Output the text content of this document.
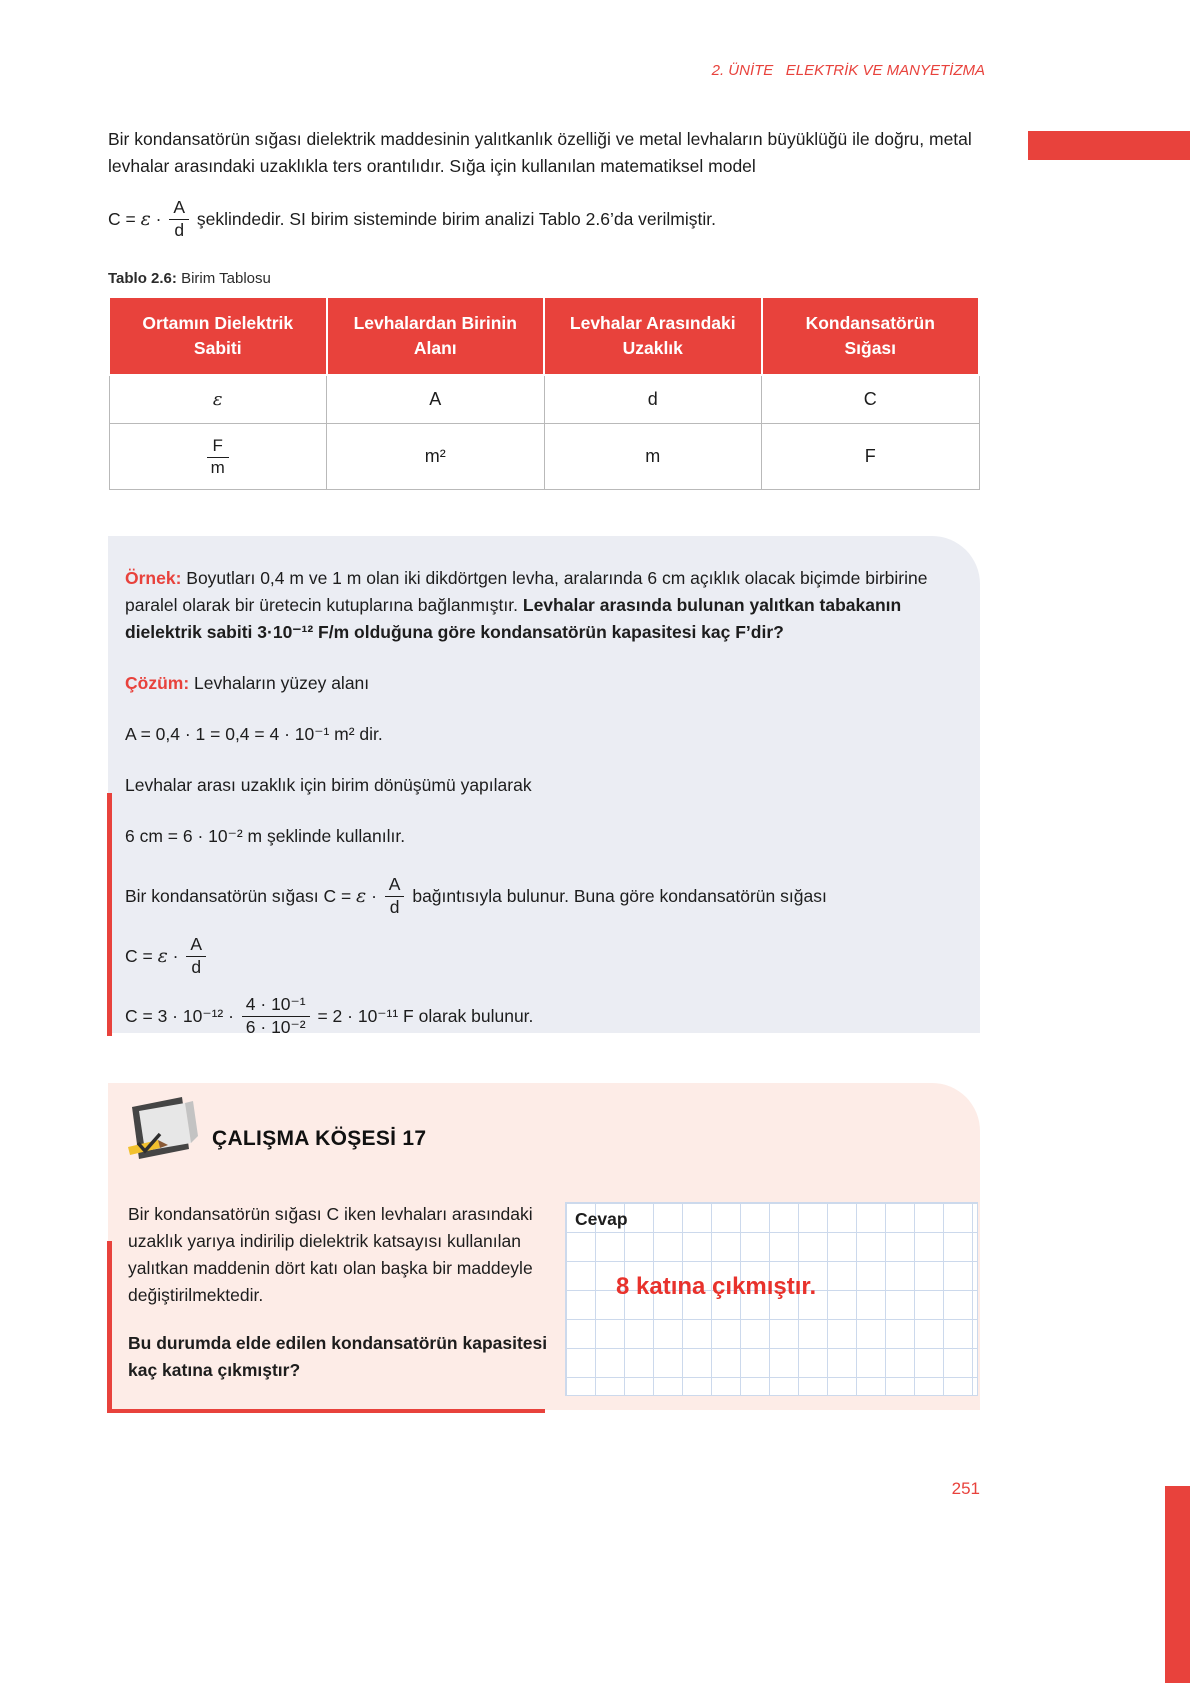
2. ÜNİTE   ELEKTRİK VE MANYETİZMA

Bir kondansatörün sığası dielektrik maddesinin yalıtkanlık özelliği ve metal levhaların büyüklüğü ile doğru, metal levhalar arasındaki uzaklıkla ters orantılıdır. Sığa için kullanılan matematiksel model

$C = \varepsilon \cdot \frac{A}{d}$ şeklindedir. SI birim sisteminde birim analizi Tablo 2.6’da verilmiştir.

Tablo 2.6: Birim Tablosu

Ortamın Dielektrik Sabiti	Levhalardan Birinin Alanı	Levhalar Arasındaki Uzaklık	Kondansatörün Sığası
ε	A	d	C

$\frac{F}{m}$	m²	m	F

Örnek: Boyutları 0,4 m ve 1 m olan iki dikdörtgen levha, aralarında 6 cm açıklık olacak biçimde birbirine paralel olarak bir üretecin kutuplarına bağlanmıştır. Levhalar arasında bulunan yalıtkan tabakanın dielektrik sabiti 3·10⁻¹² F/m olduğuna göre kondansatörün kapasitesi kaç F’dir?

Çözüm: Levhaların yüzey alanı

A = 0,4 · 1 = 0,4 = 4 · 10⁻¹ m² dir.

Levhalar arası uzaklık için birim dönüşümü yapılarak

6 cm = 6 · 10⁻² m şeklinde kullanılır.

Bir kondansatörün sığası $C = \varepsilon \cdot \frac{A}{d}$ bağıntısıyla bulunur. Buna göre kondansatörün sığası
$C = \varepsilon \cdot \frac{A}{d}$
$C = 3 \cdot 10^{-12} \cdot \frac{\text{4 · 10⁻¹}}{\text{6 · 10⁻²}} = 2 \cdot 10^{-11}$ F olarak bulunur.
ÇALIŞMA KÖŞESİ 17
Bir kondansatörün sığası C iken levhaları arasındaki uzaklık yarıya indirilip dielektrik katsayısı kullanılan yalıtkan maddenin dört katı olan başka bir maddeyle değiştirilmektedir.
Bu durumda elde edilen kondansatörün kapasitesi kaç katına çıkmıştır?
Cevap
8 katına çıkmıştır.
251
